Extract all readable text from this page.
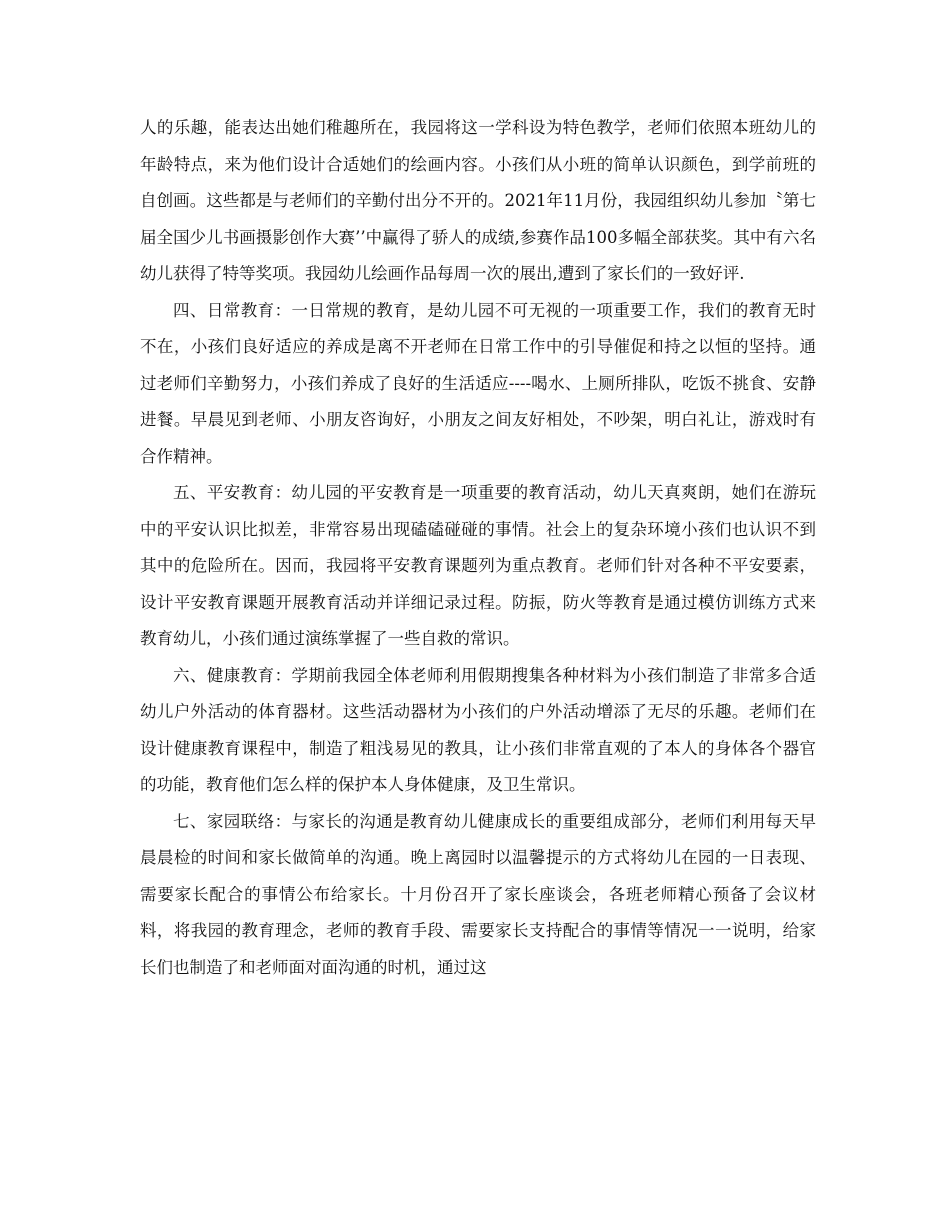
人的乐趣，能表达出她们稚趣所在，我园将这一学科设为特色教学，老师们依照本班幼儿的年龄特点，来为他们设计合适她们的绘画内容。小孩们从小班的简单认识颜色，到学前班的自创画。这些都是与老师们的辛勤付出分不开的。2021年11月份，我园组织幼儿参加〝第七届全国少儿书画摄影创作大赛’’中赢得了骄人的成绩,参赛作品100多幅全部获奖。其中有六名幼儿获得了特等奖项。我园幼儿绘画作品每周一次的展出,遭到了家长们的一致好评.

四、日常教育：一日常规的教育，是幼儿园不可无视的一项重要工作，我们的教育无时不在，小孩们良好适应的养成是离不开老师在日常工作中的引导催促和持之以恒的坚持。通过老师们辛勤努力，小孩们养成了良好的生活适应----喝水、上厕所排队，吃饭不挑食、安静进餐。早晨见到老师、小朋友咨询好，小朋友之间友好相处，不吵架，明白礼让，游戏时有合作精神。

五、平安教育：幼儿园的平安教育是一项重要的教育活动，幼儿天真爽朗，她们在游玩中的平安认识比拟差，非常容易出现磕磕碰碰的事情。社会上的复杂环境小孩们也认识不到其中的危险所在。因而，我园将平安教育课题列为重点教育。老师们针对各种不平安要素，设计平安教育课题开展教育活动并详细记录过程。防振，防火等教育是通过模仿训练方式来教育幼儿，小孩们通过演练掌握了一些自救的常识。

六、健康教育：学期前我园全体老师利用假期搜集各种材料为小孩们制造了非常多合适幼儿户外活动的体育器材。这些活动器材为小孩们的户外活动增添了无尽的乐趣。老师们在设计健康教育课程中，制造了粗浅易见的教具，让小孩们非常直观的了本人的身体各个器官的功能，教育他们怎么样的保护本人身体健康，及卫生常识。

七、家园联络：与家长的沟通是教育幼儿健康成长的重要组成部分，老师们利用每天早晨晨检的时间和家长做简单的沟通。晚上离园时以温馨提示的方式将幼儿在园的一日表现、需要家长配合的事情公布给家长。十月份召开了家长座谈会，各班老师精心预备了会议材料，将我园的教育理念，老师的教育手段、需要家长支持配合的事情等情况一一说明，给家长们也制造了和老师面对面沟通的时机，通过这
